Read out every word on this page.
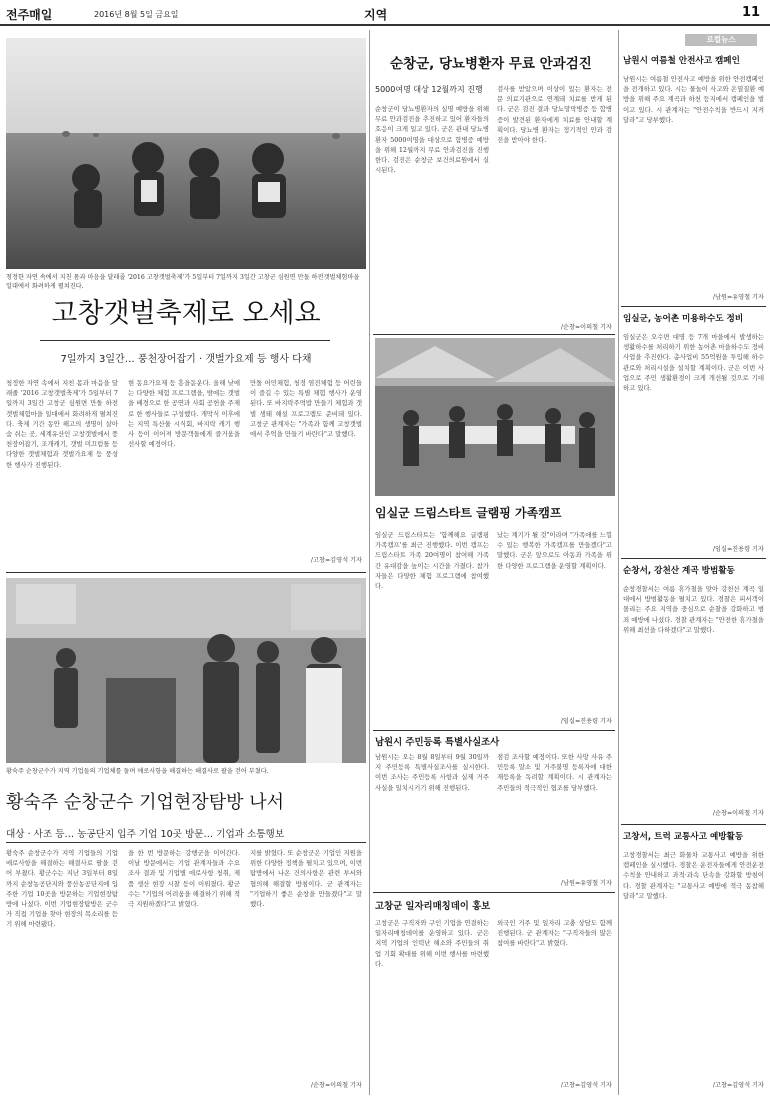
전주매일	2016년 8월 5일 금요일	지역	11
청정한 자연 속에서 지친 몸과 마음을 달래줄 '2016 고창갯벌축제'가 5일부터 7일까지 3일간 고창군 심원면 만돌 하전갯벌체험마을 일대에서 화려하게 펼쳐진다.
고창갯벌축제로 오세요
7일까지 3일간… 풍천장어잡기 · 갯벌가요제 등 행사 다채
청정한 자연 속에서 지친 몸과 마음을 달래줄 '2016 고창갯벌축제'가 5일부터 7일까지 3일간 고창군 심원면 만돌 하전갯벌체험마을 일대에서 화려하게 펼쳐진다. 축제 기간 동안 해고의 생명이 살아 숨 쉬는 곳, 세계유산인 고창갯벌에서 풍천장어잡기, 조개캐기, 갯벌 미끄럼틀 등 다양한 갯벌체험과 갯벌가요제 등 풍성한 행사가 진행된다.
현 동요가요제 등 흥을돋운다. 올해 낮에는 다양한 체험 프로그램을, 밤에는 갯벌을 배경으로 한 공연과 사회 공헌을 주제로 한 행사들로 구성했다. 개막식 이후에는 지역 특산물 시식회, 바지락 캐기 행사 등이 이어져 방문객들에게 즐거움을 선사할 예정이다.
만돌 어민체험, 청정 염전체험 등 어린들이 즐길 수 있는 특별 체험 행사가 운영된다. 또 바지락주먹밥 만들기 체험과 갯벌 생태 해설 프로그램도 준비돼 있다. 고창군 관계자는 "가족과 함께 고창갯벌에서 추억을 만들기 바란다"고 말했다.
/고창=김영석 기자
황숙주 순창군수가 지역 기업들의 기업체를 돌며 애로사항을 해결하는 해결사로 팔을 걷어 부쳤다.
황숙주 순창군수 기업현장탐방 나서
대상 · 사조 등… 농공단지 입주 기업 10곳 방문… 기업과 소통행보
황숙주 순창군수가 지역 기업들의 기업 애로사항을 해결하는 해결사로 팔을 걷어 부쳤다. 황군수는 지난 3일부터 8일까지 순창농공단지와 풍산농공단지에 입주한 기업 10곳을 방문하는 기업현장탐방에 나섰다. 이번 기업현장탐방은 군수가 직접 기업을 찾아 현장의 목소리를 듣기 위해 마련됐다.
을 한 번 방문하는 강행군을 이어간다. 이날 방문에서는 기업 관계자들과 수요조사 결과 및 기업별 애로사항 청취, 제품 생산 현장 시찰 등이 이뤄졌다. 황군수는 "기업의 어려움을 해결하기 위해 적극 지원하겠다"고 밝혔다.
지를 밝혔다. 또 순창군은 기업인 지원을 위한 다양한 정책을 펼치고 있으며, 이번 탐방에서 나온 건의사항은 관련 부서와 협의해 해결할 방침이다. 군 관계자는 "기업하기 좋은 순창을 만들겠다"고 말했다.
/순창=이의철 기자
순창군, 당뇨병환자 무료 안과검진
5000여명 대상 12월까지 진행
순창군이 당뇨병환자의 실명 예방을 위해 무료 안과검진을 추진하고 있어 환자들의 호응이 크게 일고 있다. 군은 관내 당뇨병환자 5000여명을 대상으로 합병증 예방을 위해 12월까지 무료 안과검진을 진행한다. 검진은 순창군 보건의료원에서 실시된다.
검사를 받았으며 이상이 있는 환자는 전문 의료기관으로 연계돼 치료를 받게 된다. 군은 검진 결과 당뇨망막병증 등 합병증이 발견된 환자에게 치료를 안내할 계획이다. 당뇨병 환자는 정기적인 안과 검진을 받아야 한다.
/순창=이의철 기자
임실군 드림스타트 글램핑 가족캠프
임실군 드림스타트는 '함께해요 글램핑 가족캠프'를 최근 진행했다. 이번 캠프는 드림스타트 가족 20여명이 참여해 가족 간 유대감을 높이는 시간을 가졌다. 참가자들은 다양한 체험 프로그램에 참여했다.
났는 계기가 될 것"이라며 "가족애를 느낄 수 있는 행복한 가족캠프를 만들겠다"고 말했다. 군은 앞으로도 아동과 가족을 위한 다양한 프로그램을 운영할 계획이다.
/임실=진용령 기자
남원시 주민등록 특별사실조사
남원시는 오는 8월 8일부터 9월 30일까지 주민등록 특별사실조사를 실시한다. 이번 조사는 주민등록 사항과 실제 거주사실을 일치시키기 위해 진행된다.
점검 조사할 예정이다. 또한 사망 사유 주민등록 말소 및 거주불명 등록자에 대한 재등록을 독려할 계획이다. 시 관계자는 주민들의 적극적인 협조를 당부했다.
/남원=유영철 기자
고창군 일자리매칭데이 홍보
고창군은 구직자와 구인 기업을 연결하는 일자리매칭데이를 운영하고 있다. 군은 지역 기업의 인력난 해소와 주민들의 취업 기회 확대를 위해 이번 행사를 마련했다.
외국인 거주 및 일자리 고충 상담도 함께 진행된다. 군 관계자는 "구직자들의 많은 참여를 바란다"고 밝혔다.
/고창=김영석 기자
로컬뉴스
남원시 여름철 안전사고 캠페인
남원시는 여름철 안전사고 예방을 위한 안전캠페인을 전개하고 있다. 시는 물놀이 사고와 온열질환 예방을 위해 주요 계곡과 하천 등지에서 캠페인을 벌이고 있다. 시 관계자는 "안전수칙을 반드시 지켜 달라"고 당부했다.
/남원=유영철 기자
임실군, 농어촌 미용하수도 정비
임실군은 오수면 대명 등 7개 마을에서 발생하는 생활하수를 처리하기 위한 농어촌 마을하수도 정비사업을 추진한다. 총사업비 55억원을 투입해 하수관로와 처리시설을 설치할 계획이다. 군은 이번 사업으로 주민 생활환경이 크게 개선될 것으로 기대하고 있다.
/임실=진용령 기자
순창서, 강천산 계곡 방범활동
순창경찰서는 여름 휴가철을 맞아 강천산 계곡 일대에서 방범활동을 펼치고 있다. 경찰은 피서객이 몰리는 주요 지역을 중심으로 순찰을 강화하고 범죄 예방에 나섰다. 경찰 관계자는 "안전한 휴가철을 위해 최선을 다하겠다"고 말했다.
/순창=이의철 기자
고창서, 트럭 교통사고 예방활동
고창경찰서는 최근 화물차 교통사고 예방을 위한 캠페인을 실시했다. 경찰은 운전자들에게 안전운전 수칙을 안내하고 과적·과속 단속을 강화할 방침이다. 경찰 관계자는 "교통사고 예방에 적극 동참해 달라"고 말했다.
/고창=김영석 기자
